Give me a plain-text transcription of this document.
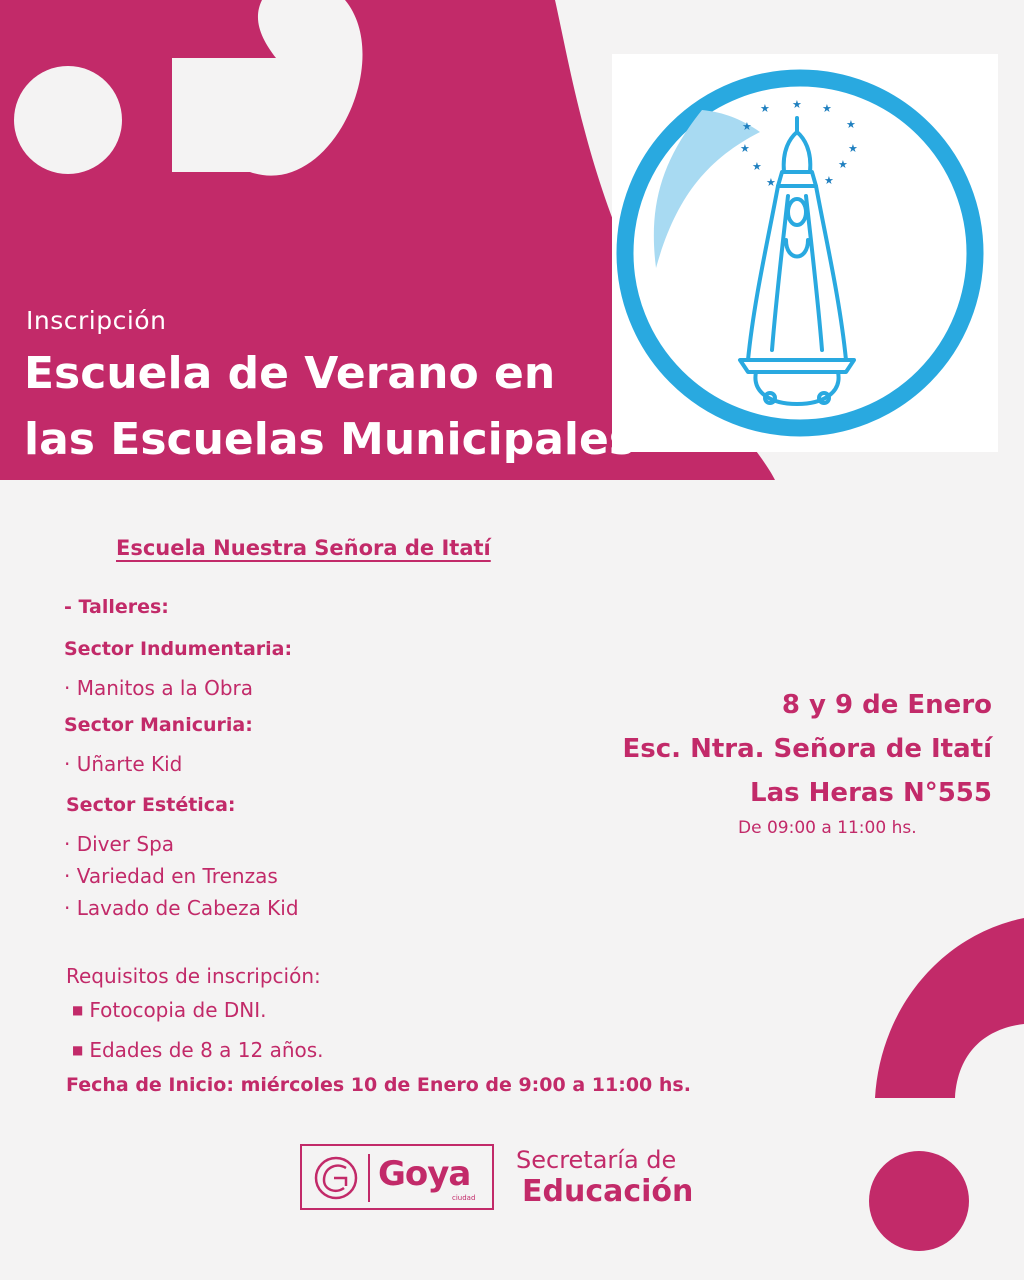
★
★ ★ ★
★
★	★
★	★
★	★

Inscripción

Escuela de Verano en

las Escuelas Municipales

Escuela Nuestra Señora de Itatí

- Talleres:

Sector Indumentaria:

· Manitos a la Obra

Sector Manicuria:

· Uñarte Kid

Sector Estética:

· Diver Spa

· Variedad en Trenzas

· Lavado de Cabeza Kid

Requisitos de inscripción:

■ Fotocopia de DNI.

■ Edades de 8 a 12 años.

Fecha de Inicio: miércoles 10 de Enero de 9:00 a 11:00 hs.

8 y 9 de Enero
Esc. Ntra. Señora de Itatí
Las Heras N°555
De 09:00 a 11:00 hs.
Goya
ciudad

Secretaría de

Educación
